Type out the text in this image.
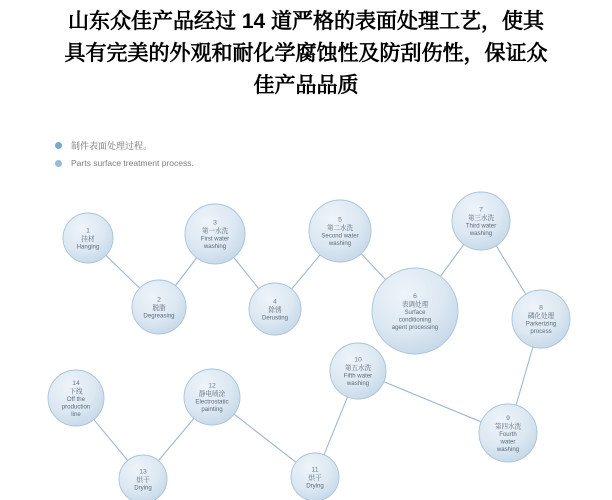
山东众佳产品经过 14 道严格的表面处理工艺，使其
具有完美的外观和耐化学腐蚀性及防刮伤性，保证众
佳产品品质
1
挂材
Hanging
2
脱脂
Degreasing
3
第一水洗
First water
washing
4
除锈
Derusting
5
第二水洗
Second water
washing
6
表调处理
Surface
conditioning
agent processing
7
第三水洗
Third water
washing
8
磷化处理
Parkerizing
process
9
第四水洗
Fourth
water
washing
10
第五水洗
Fifth water
washing
11
烘干
Drying
12
静电喷涂
Electrostatic
painting
13
烘干
Drying
14
下线
Off the
production
line
制件表面处理过程。
Parts surface treatment process.
